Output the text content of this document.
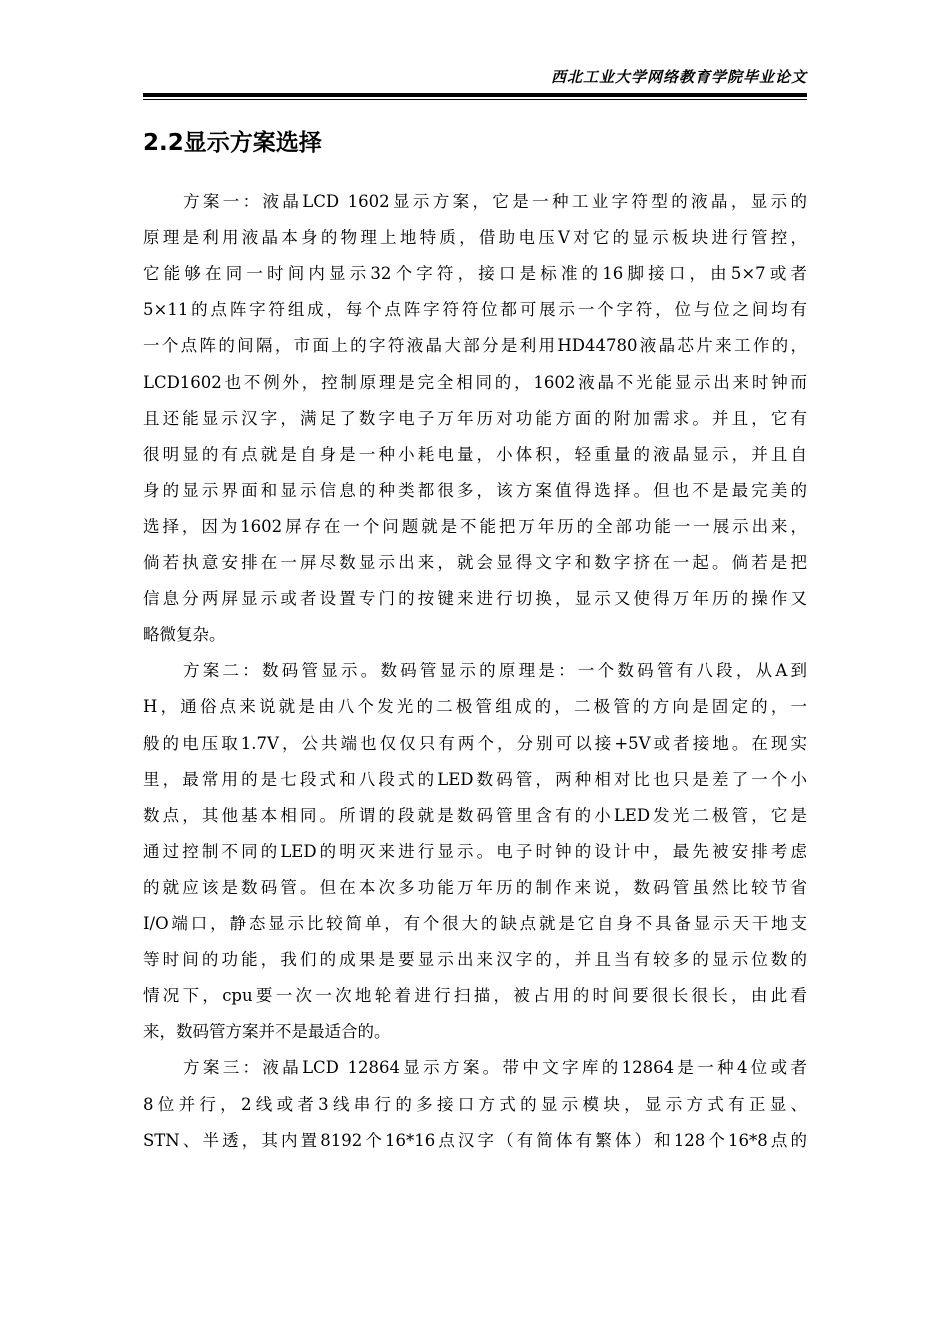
西北工业大学网络教育学院毕业论文
2.2显示方案选择
方案一：液晶LCD 1602显示方案，它是一种工业字符型的液晶，显示的
原理是利用液晶本身的物理上地特质，借助电压V对它的显示板块进行管控，
它能够在同一时间内显示32个字符，接口是标准的16脚接口，由5×7或者
5×11的点阵字符组成，每个点阵字符符位都可展示一个字符，位与位之间均有
一个点阵的间隔，市面上的字符液晶大部分是利用HD44780液晶芯片来工作的，
LCD1602也不例外，控制原理是完全相同的，1602液晶不光能显示出来时钟而
且还能显示汉字，满足了数字电子万年历对功能方面的附加需求。并且，它有
很明显的有点就是自身是一种小耗电量，小体积，轻重量的液晶显示，并且自
身的显示界面和显示信息的种类都很多，该方案值得选择。但也不是最完美的
选择，因为1602屏存在一个问题就是不能把万年历的全部功能一一展示出来，
倘若执意安排在一屏尽数显示出来，就会显得文字和数字挤在一起。倘若是把
信息分两屏显示或者设置专门的按键来进行切换，显示又使得万年历的操作又
略微复杂。
方案二：数码管显示。数码管显示的原理是：一个数码管有八段，从A到
H，通俗点来说就是由八个发光的二极管组成的，二极管的方向是固定的，一
般的电压取1.7V，公共端也仅仅只有两个，分别可以接+5V或者接地。在现实
里，最常用的是七段式和八段式的LED数码管，两种相对比也只是差了一个小
数点，其他基本相同。所谓的段就是数码管里含有的小LED发光二极管，它是
通过控制不同的LED的明灭来进行显示。电子时钟的设计中，最先被安排考虑
的就应该是数码管。但在本次多功能万年历的制作来说，数码管虽然比较节省
I/O端口，静态显示比较简单，有个很大的缺点就是它自身不具备显示天干地支
等时间的功能，我们的成果是要显示出来汉字的，并且当有较多的显示位数的
情况下，cpu要一次一次地轮着进行扫描，被占用的时间要很长很长，由此看
来，数码管方案并不是最适合的。
方案三：液晶LCD 12864显示方案。带中文字库的12864是一种4位或者
8位并行，2线或者3线串行的多接口方式的显示模块，显示方式有正显、
STN、半透，其内置8192个16*16点汉字（有简体有繁体）和128个16*8点的
